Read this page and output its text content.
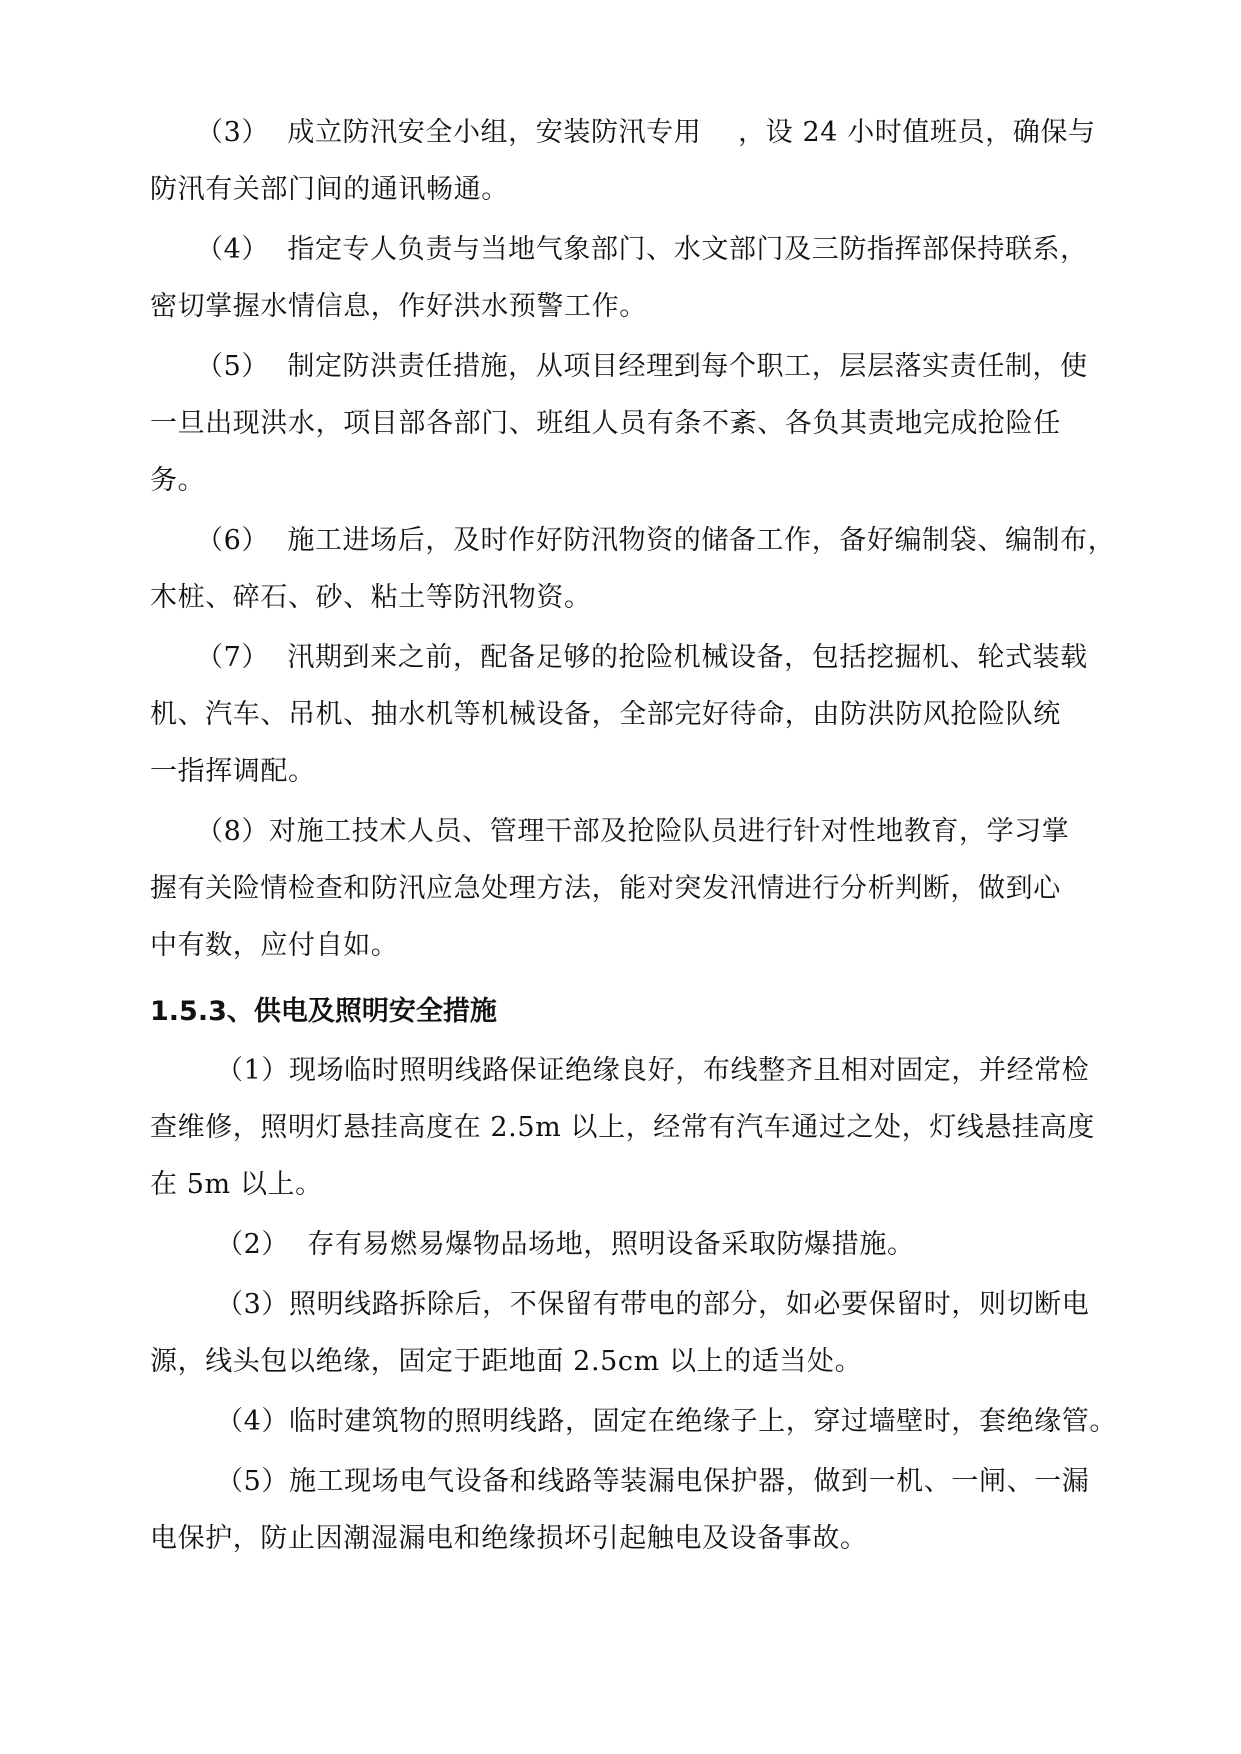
（3）  成立防汛安全小组，安装防汛专用    ，设 24 小时值班员，确保与
防汛有关部门间的通讯畅通。
（4）  指定专人负责与当地气象部门、水文部门及三防指挥部保持联系，
密切掌握水情信息，作好洪水预警工作。
（5）  制定防洪责任措施，从项目经理到每个职工，层层落实责任制，使
一旦出现洪水，项目部各部门、班组人员有条不紊、各负其责地完成抢险任
务。
（6）  施工进场后，及时作好防汛物资的储备工作，备好编制袋、编制布，
木桩、碎石、砂、粘土等防汛物资。
（7）  汛期到来之前，配备足够的抢险机械设备，包括挖掘机、轮式装载
机、汽车、吊机、抽水机等机械设备，全部完好待命，由防洪防风抢险队统
一指挥调配。
（8）对施工技术人员、管理干部及抢险队员进行针对性地教育，学习掌
握有关险情检查和防汛应急处理方法，能对突发汛情进行分析判断，做到心
中有数，应付自如。
1.5.3、供电及照明安全措施
（1）现场临时照明线路保证绝缘良好，布线整齐且相对固定，并经常检
查维修，照明灯悬挂高度在 2.5m 以上，经常有汽车通过之处，灯线悬挂高度
在 5m 以上。
（2）  存有易燃易爆物品场地，照明设备采取防爆措施。
（3）照明线路拆除后，不保留有带电的部分，如必要保留时，则切断电
源，线头包以绝缘，固定于距地面 2.5cm 以上的适当处。
（4）临时建筑物的照明线路，固定在绝缘子上，穿过墙壁时，套绝缘管。
（5）施工现场电气设备和线路等装漏电保护器，做到一机、一闸、一漏
电保护，防止因潮湿漏电和绝缘损坏引起触电及设备事故。
